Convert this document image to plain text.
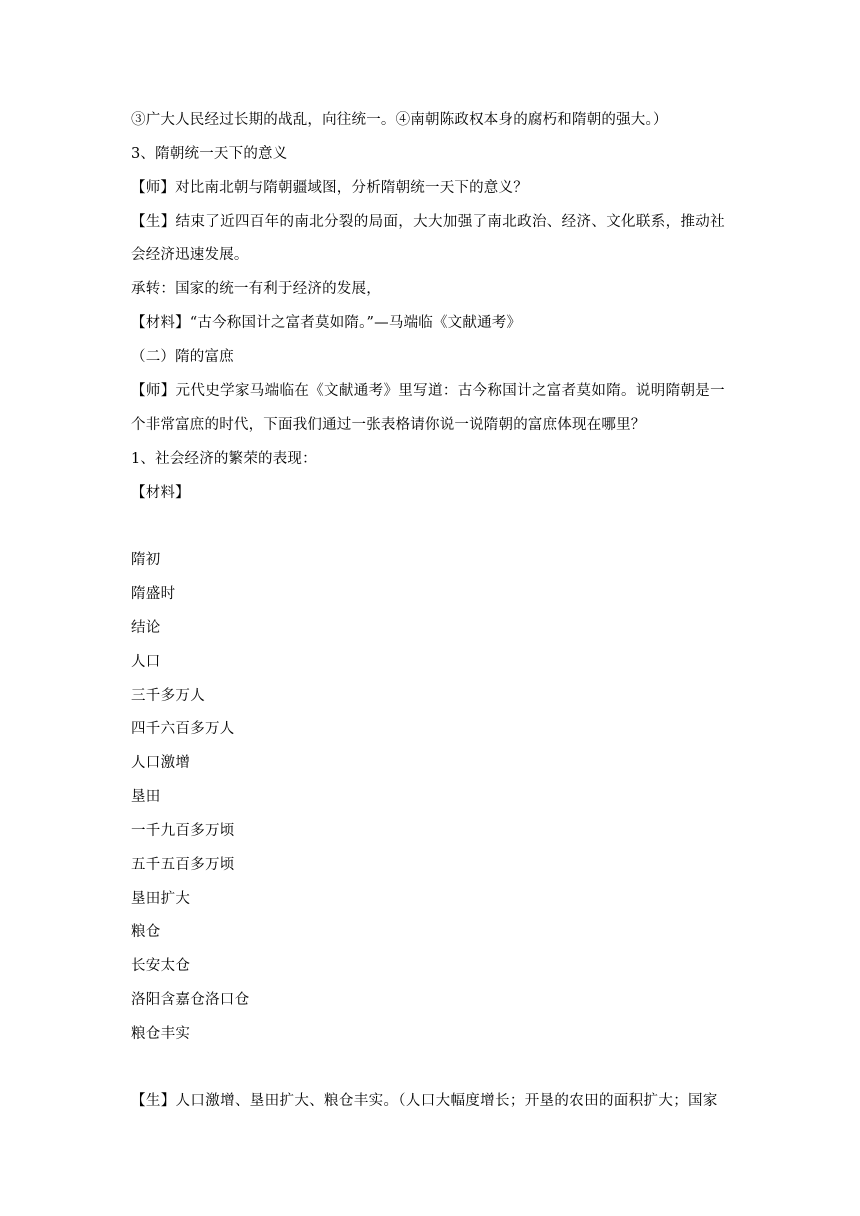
③广大人民经过长期的战乱，向往统一。④南朝陈政权本身的腐朽和隋朝的强大。）
3、隋朝统一天下的意义
【师】对比南北朝与隋朝疆域图，分析隋朝统一天下的意义？
【生】结束了近四百年的南北分裂的局面，大大加强了南北政治、经济、文化联系，推动社
会经济迅速发展。
承转：国家的统一有利于经济的发展，
【材料】“古今称国计之富者莫如隋。”—马端临《文献通考》
（二）隋的富庶
【师】元代史学家马端临在《文献通考》里写道：古今称国计之富者莫如隋。说明隋朝是一
个非常富庶的时代，下面我们通过一张表格请你说一说隋朝的富庶体现在哪里？
1、社会经济的繁荣的表现：
【材料】
隋初
隋盛时
结论
人口
三千多万人
四千六百多万人
人口激增
垦田
一千九百多万顷
五千五百多万顷
垦田扩大
粮仓
长安太仓
洛阳含嘉仓洛口仓
粮仓丰实
【生】人口激增、垦田扩大、粮仓丰实。（人口大幅度增长；开垦的农田的面积扩大；国家
